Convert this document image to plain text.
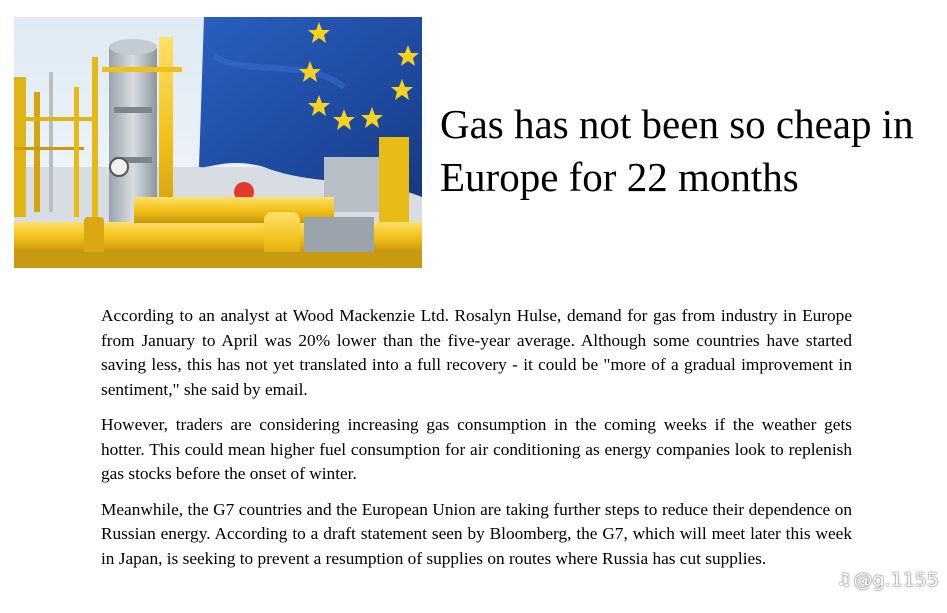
Gas has not been so cheap in Europe for 22 months

According to an analyst at Wood Mackenzie Ltd. Rosalyn Hulse, demand for gas from industry in Europe from January to April was 20% lower than the five-year average. Although some countries have started saving less, this has not yet translated into a full recovery - it could be "more of a gradual improvement in sentiment," she said by email.

However, traders are considering increasing gas consumption in the coming weeks if the weather gets hotter. This could mean higher fuel consumption for air conditioning as energy companies look to replenish gas stocks before the onset of winter.

Meanwhile, the G7 countries and the European Union are taking further steps to reduce their dependence on Russian energy. According to a draft statement seen by Bloomberg, the G7, which will meet later this week in Japan, is seeking to prevent a resumption of supplies on routes where Russia has cut supplies.

♫ @g.1155
